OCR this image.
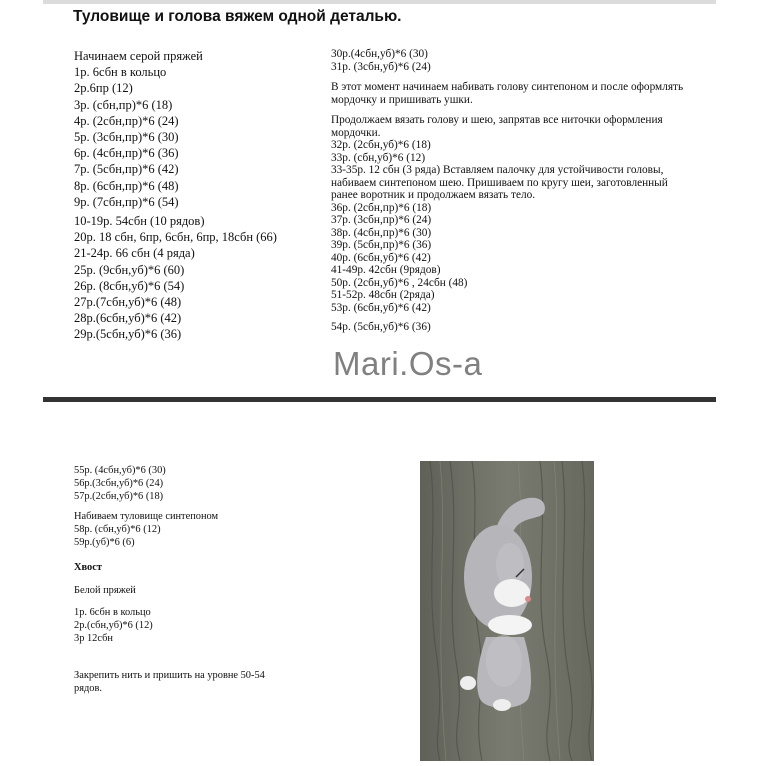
Туловище и голова вяжем одной деталью.
Начинаем серой пряжей
1р. 6сбн в кольцо
2р.6пр (12)
3р. (сбн,пр)*6 (18)
4р. (2сбн,пр)*6 (24)
5р. (3сбн,пр)*6 (30)
6р. (4сбн,пр)*6 (36)
7р. (5сбн,пр)*6 (42)
8р. (6сбн,пр)*6 (48)
9р. (7сбн,пр)*6 (54)
10-19р. 54сбн (10 рядов)
20р. 18 сбн, 6пр, 6сбн, 6пр, 18сбн (66)
21-24р. 66 сбн (4 ряда)
25р. (9сбн,уб)*6 (60)
26р. (8сбн,уб)*6 (54)
27р.(7сбн,уб)*6 (48)
28р.(6сбн,уб)*6 (42)
29р.(5сбн,уб)*6 (36)
30р.(4сбн,уб)*6 (30)
31р. (3сбн,уб)*6 (24)
В этот момент начинаем набивать голову синтепоном и после оформлять мордочку и пришивать ушки.
Продолжаем вязать голову и шею, запрятав все ниточки оформления мордочки.
32р. (2сбн,уб)*6 (18)
33р. (сбн,уб)*6 (12)
33-35р. 12 сбн (3 ряда) Вставляем палочку для устойчивости головы, набиваем синтепоном шею. Пришиваем по кругу шеи, заготовленный ранее воротник и продолжаем вязать тело.
36р. (2сбн,пр)*6 (18)
37р. (3сбн,пр)*6 (24)
38р. (4сбн,пр)*6 (30)
39р. (5сбн,пр)*6 (36)
40р. (6сбн,уб)*6 (42)
41-49р. 42сбн (9рядов)
50р. (2сбн,уб)*6 , 24сбн (48)
51-52р. 48сбн (2ряда)
53р. (6сбн,уб)*6 (42)
54р. (5сбн,уб)*6 (36)
Mari.Os-a
55р. (4сбн,уб)*6 (30)
56р.(3сбн,уб)*6 (24)
57р.(2сбн,уб)*6 (18)
Набиваем туловище синтепоном
58р. (сбн,уб)*6 (12)
59р.(уб)*6 (6)
Хвост
Белой пряжей
1р. 6сбн в кольцо
2р.(сбн,уб)*6 (12)
3р 12сбн
Закрепить нить и пришить на уровне 50-54
рядов.
